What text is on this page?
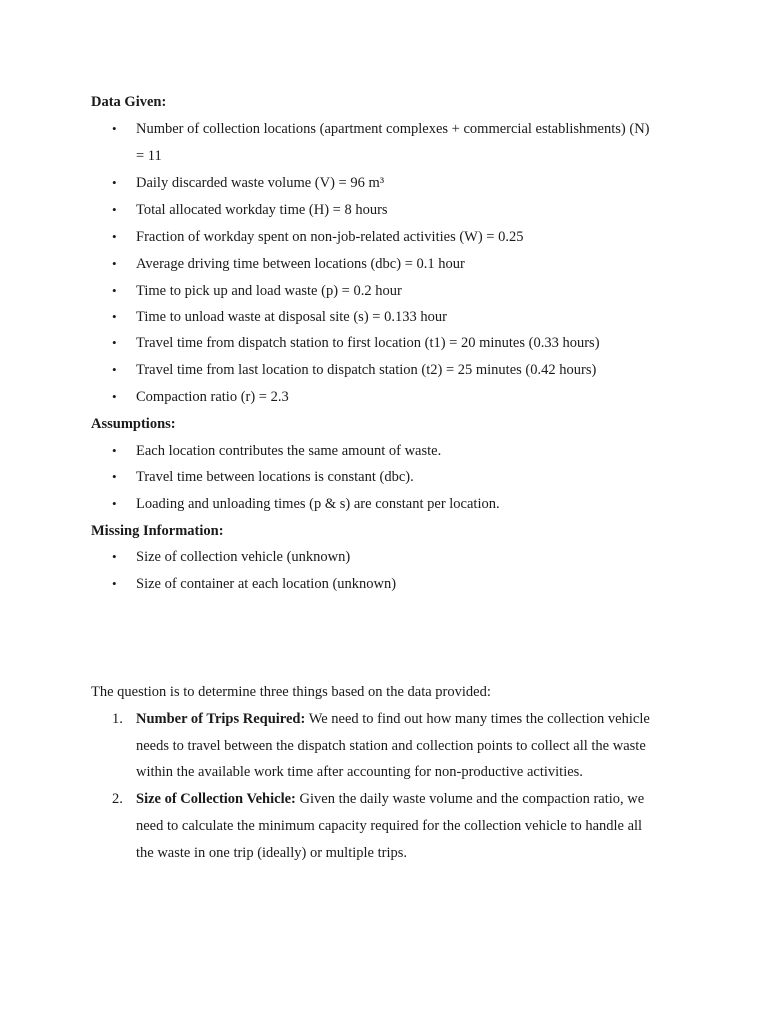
Data Given:
•	Number of collection locations (apartment complexes + commercial establishments) (N)
= 11
•	Daily discarded waste volume (V) = 96 m³
•	Total allocated workday time (H) = 8 hours
•	Fraction of workday spent on non-job-related activities (W) = 0.25
•	Average driving time between locations (dbc) = 0.1 hour
•	Time to pick up and load waste (p) = 0.2 hour
•	Time to unload waste at disposal site (s) = 0.133 hour
•	Travel time from dispatch station to first location (t1) = 20 minutes (0.33 hours)
•	Travel time from last location to dispatch station (t2) = 25 minutes (0.42 hours)
•	Compaction ratio (r) = 2.3
Assumptions:
•	Each location contributes the same amount of waste.
•	Travel time between locations is constant (dbc).
•	Loading and unloading times (p & s) are constant per location.
Missing Information:
•	Size of collection vehicle (unknown)
•	Size of container at each location (unknown)
The question is to determine three things based on the data provided:
1. Number of Trips Required: We need to find out how many times the collection vehicle
needs to travel between the dispatch station and collection points to collect all the waste
within the available work time after accounting for non-productive activities.
2. Size of Collection Vehicle: Given the daily waste volume and the compaction ratio, we
need to calculate the minimum capacity required for the collection vehicle to handle all
the waste in one trip (ideally) or multiple trips.
